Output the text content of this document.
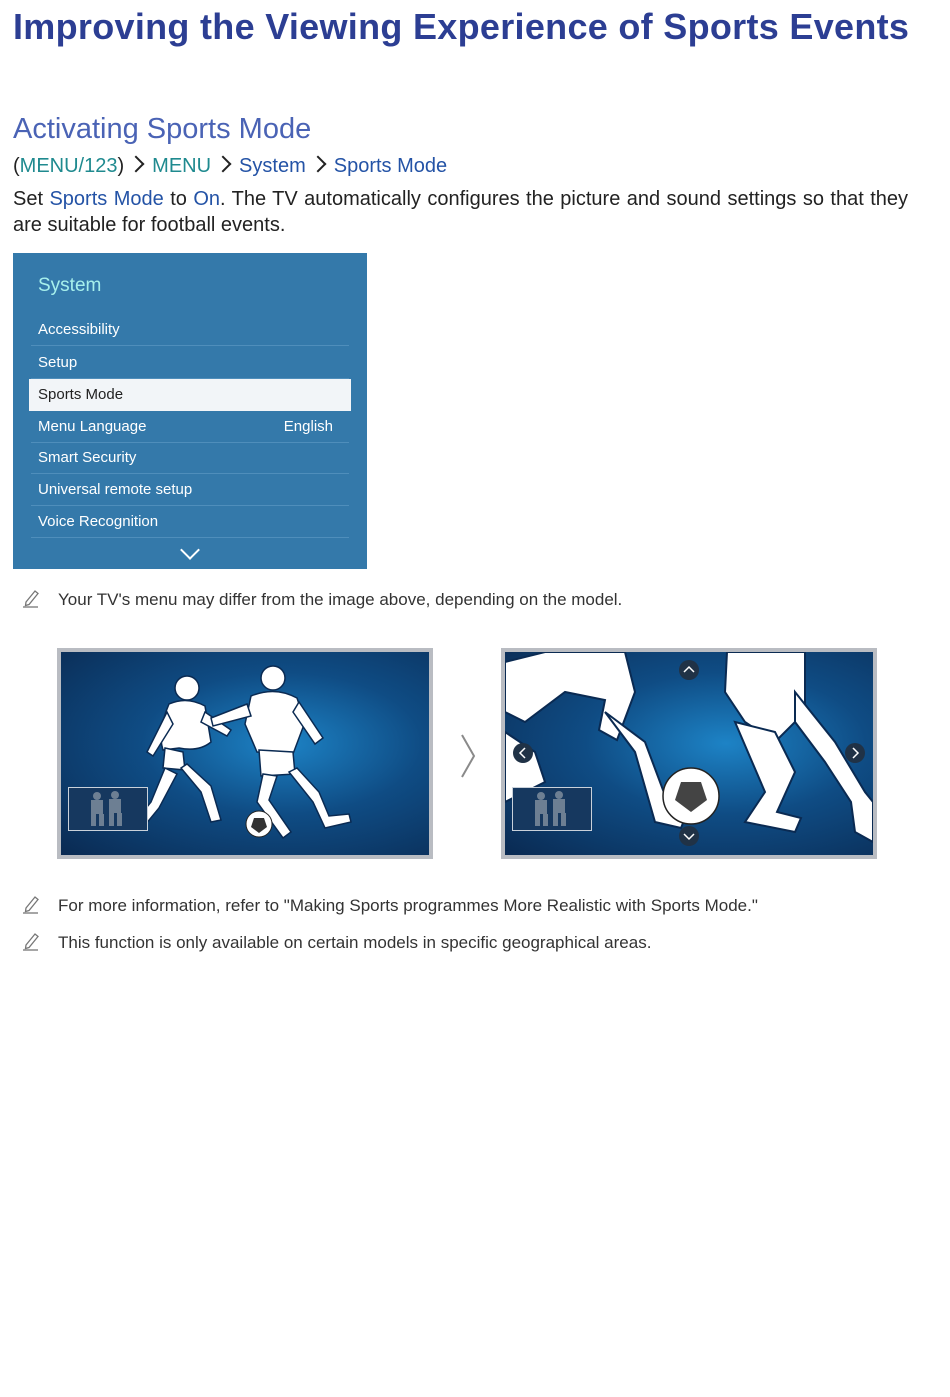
Improving the Viewing Experience of Sports Events
Activating Sports Mode
(MENU/123) MENU System Sports Mode
Set Sports Mode to On. The TV automatically configures the picture and sound settings so that they are suitable for football events.
System
Accessibility
Setup
Sports Mode
Menu Language	English
Smart Security
Universal remote setup
Voice Recognition
Your TV's menu may differ from the image above, depending on the model.
For more information, refer to "Making Sports programmes More Realistic with Sports Mode."
This function is only available on certain models in specific geographical areas.
